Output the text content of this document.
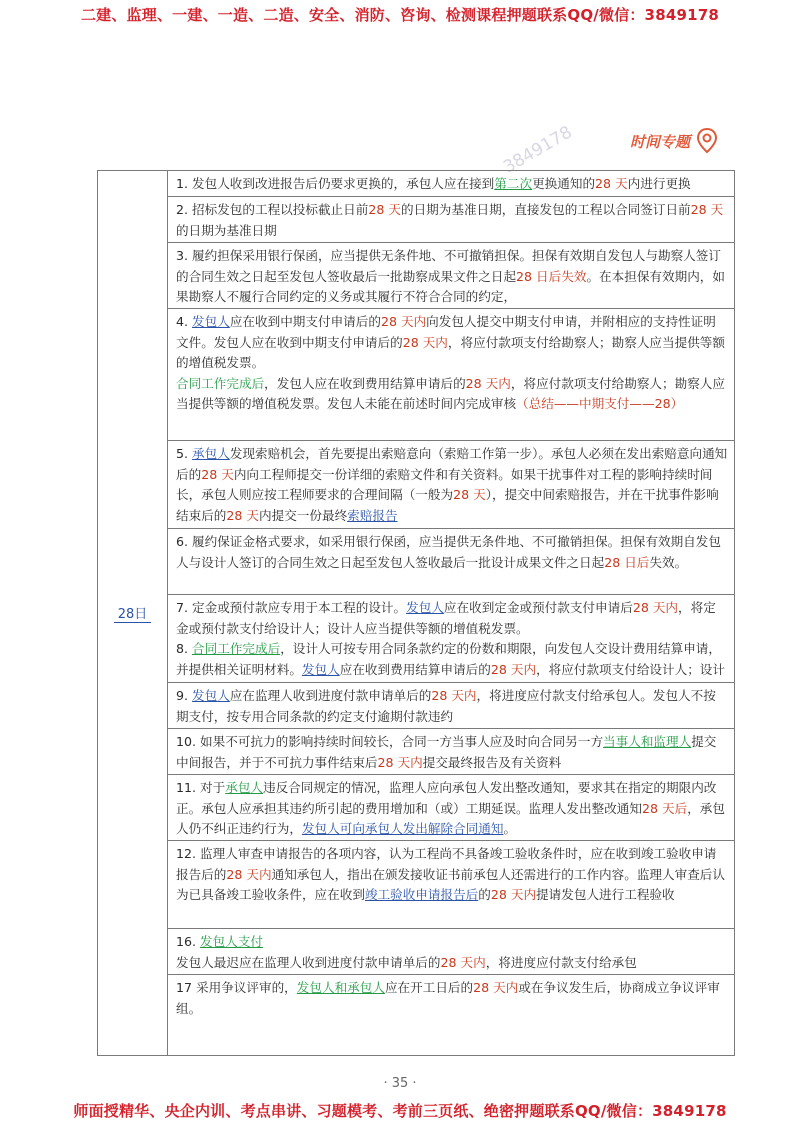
二建、监理、一建、一造、二造、安全、消防、咨询、检测课程押题联系QQ/微信：3849178
3849178	时间专题
28日

1. 发包人收到改进报告后仍要求更换的，承包人应在接到第二次更换通知的28 天内进行更换

2. 招标发包的工程以投标截止日前28 天的日期为基准日期，直接发包的工程以合同签订日前28 天的日期为基准日期

3. 履约担保采用银行保函，应当提供无条件地、不可撤销担保。担保有效期自发包人与勘察人签订的合同生效之日起至发包人签收最后一批勘察成果文件之日起28 日后失效。在本担保有效期内，如果勘察人不履行合同约定的义务或其履行不符合合同的约定，

4. 发包人应在收到中期支付申请后的28 天内向发包人提交中期支付申请，并附相应的支持性证明文件。发包人应在收到中期支付申请后的28 天内，将应付款项支付给勘察人；勘察人应当提供等额的增值税发票。

合同工作完成后，发包人应在收到费用结算申请后的28 天内，将应付款项支付给勘察人；勘察人应当提供等额的增值税发票。发包人未能在前述时间内完成审核（总结——中期支付——28）

5. 承包人发现索赔机会，首先要提出索赔意向（索赔工作第一步）。承包人必须在发出索赔意向通知后的28 天内向工程师提交一份详细的索赔文件和有关资料。如果干扰事件对工程的影响持续时间长，承包人则应按工程师要求的合理间隔（一般为28 天），提交中间索赔报告，并在干扰事件影响结束后的28 天内提交一份最终索赔报告

6. 履约保证金格式要求，如采用银行保函，应当提供无条件地、不可撤销担保。担保有效期自发包人与设计人签订的合同生效之日起至发包人签收最后一批设计成果文件之日起28 日后失效。

7. 定金或预付款应专用于本工程的设计。发包人应在收到定金或预付款支付申请后28 天内，将定金或预付款支付给设计人；设计人应当提供等额的增值税发票。

8. 合同工作完成后，设计人可按专用合同条款约定的份数和期限，向发包人交设计费用结算申请，并提供相关证明材料。发包人应在收到费用结算申请后的28 天内，将应付款项支付给设计人；设计

9. 发包人应在监理人收到进度付款申请单后的28 天内，将进度应付款支付给承包人。发包人不按期支付，按专用合同条款的约定支付逾期付款违约

10. 如果不可抗力的影响持续时间较长，合同一方当事人应及时向合同另一方当事人和监理人提交中间报告，并于不可抗力事件结束后28 天内提交最终报告及有关资料

11. 对于承包人违反合同规定的情况，监理人应向承包人发出整改通知，要求其在指定的期限内改正。承包人应承担其违约所引起的费用增加和（或）工期延误。监理人发出整改通知28 天后，承包人仍不纠正违约行为，发包人可向承包人发出解除合同通知。

12. 监理人审查申请报告的各项内容，认为工程尚不具备竣工验收条件时，应在收到竣工验收申请报告后的28 天内通知承包人，指出在颁发接收证书前承包人还需进行的工作内容。监理人审查后认为已具备竣工验收条件，应在收到竣工验收申请报告后的28 天内提请发包人进行工程验收

16. 发包人支付

发包人最迟应在监理人收到进度付款申请单后的28 天内，将进度应付款支付给承包

17 采用争议评审的，发包人和承包人应在开工日后的28 天内或在争议发生后，协商成立争议评审组。

· 35 ·
师面授精华、央企内训、考点串讲、习题模考、考前三页纸、绝密押题联系QQ/微信：3849178
